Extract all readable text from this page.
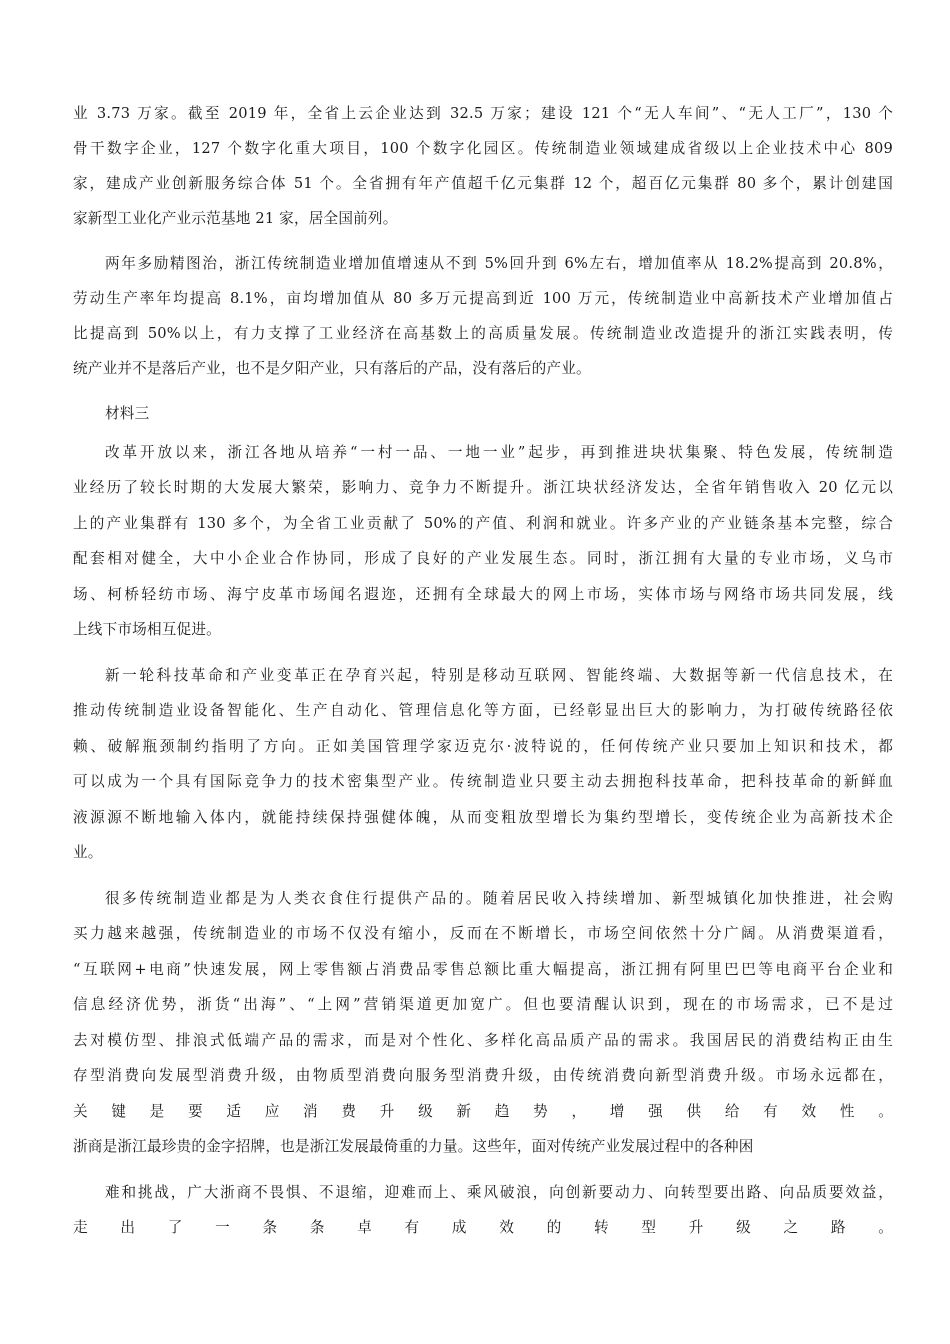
业 3.73 万家。截至 2019 年，全省上云企业达到 32.5 万家；建设 121 个“无人车间”、“无人工厂”，130 个
骨干数字企业，127 个数字化重大项目，100 个数字化园区。传统制造业领域建成省级以上企业技术中心 809
家，建成产业创新服务综合体 51 个。全省拥有年产值超千亿元集群 12 个，超百亿元集群 80 多个，累计创建国
家新型工业化产业示范基地 21 家，居全国前列。
两年多励精图治，浙江传统制造业增加值增速从不到 5%回升到 6%左右，增加值率从 18.2%提高到 20.8%，
劳动生产率年均提高 8.1%，亩均增加值从 80 多万元提高到近 100 万元，传统制造业中高新技术产业增加值占
比提高到 50%以上，有力支撑了工业经济在高基数上的高质量发展。传统制造业改造提升的浙江实践表明，传
统产业并不是落后产业，也不是夕阳产业，只有落后的产品，没有落后的产业。
材料三
改革开放以来，浙江各地从培养“一村一品、一地一业”起步，再到推进块状集聚、特色发展，传统制造
业经历了较长时期的大发展大繁荣，影响力、竞争力不断提升。浙江块状经济发达，全省年销售收入 20 亿元以
上的产业集群有 130 多个，为全省工业贡献了 50%的产值、利润和就业。许多产业的产业链条基本完整，综合
配套相对健全，大中小企业合作协同，形成了良好的产业发展生态。同时，浙江拥有大量的专业市场，义乌市
场、柯桥轻纺市场、海宁皮革市场闻名遐迩，还拥有全球最大的网上市场，实体市场与网络市场共同发展，线
上线下市场相互促进。
新一轮科技革命和产业变革正在孕育兴起，特别是移动互联网、智能终端、大数据等新一代信息技术，在
推动传统制造业设备智能化、生产自动化、管理信息化等方面，已经彰显出巨大的影响力，为打破传统路径依
赖、破解瓶颈制约指明了方向。正如美国管理学家迈克尔·波特说的，任何传统产业只要加上知识和技术，都
可以成为一个具有国际竞争力的技术密集型产业。传统制造业只要主动去拥抱科技革命，把科技革命的新鲜血
液源源不断地输入体内，就能持续保持强健体魄，从而变粗放型增长为集约型增长，变传统企业为高新技术企
业。
很多传统制造业都是为人类衣食住行提供产品的。随着居民收入持续增加、新型城镇化加快推进，社会购
买力越来越强，传统制造业的市场不仅没有缩小，反而在不断增长，市场空间依然十分广阔。从消费渠道看，
“互联网+电商”快速发展，网上零售额占消费品零售总额比重大幅提高，浙江拥有阿里巴巴等电商平台企业和
信息经济优势，浙货“出海”、“上网”营销渠道更加宽广。但也要清醒认识到，现在的市场需求，已不是过
去对模仿型、排浪式低端产品的需求，而是对个性化、多样化高品质产品的需求。我国居民的消费结构正由生
存型消费向发展型消费升级，由物质型消费向服务型消费升级，由传统消费向新型消费升级。市场永远都在，
关键是要适应消费升级新趋势，增强供给有效性。
浙商是浙江最珍贵的金字招牌，也是浙江发展最倚重的力量。这些年，面对传统产业发展过程中的各种困
难和挑战，广大浙商不畏惧、不退缩，迎难而上、乘风破浪，向创新要动力、向转型要出路、向品质要效益，
走出了一条条卓有成效的转型升级之路。
